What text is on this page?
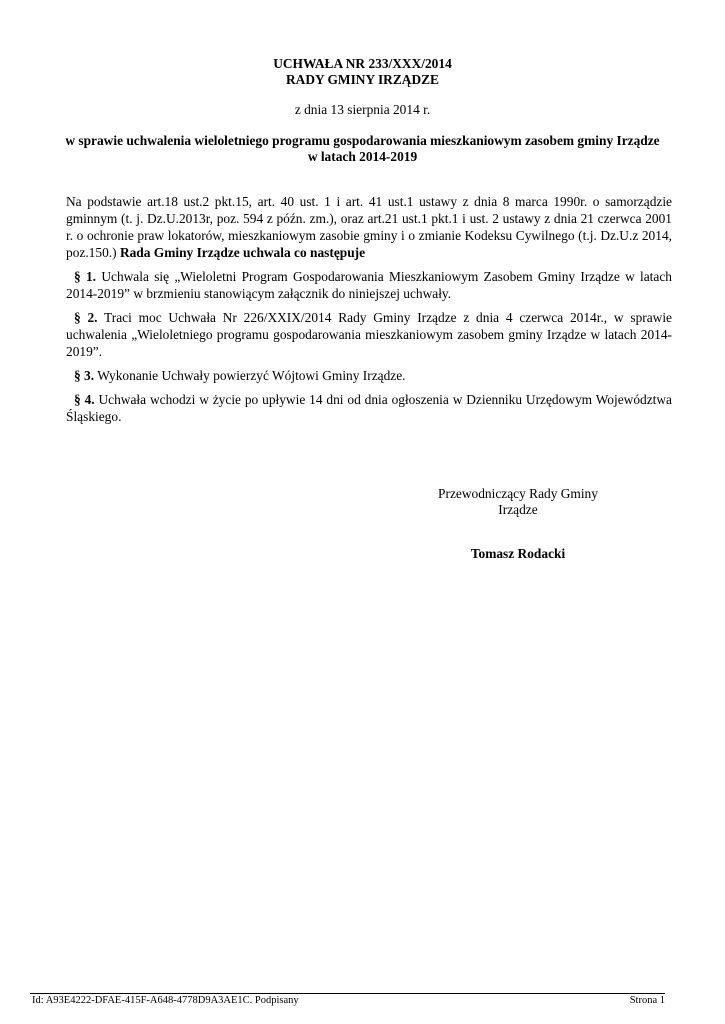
UCHWAŁA NR 233/XXX/2014
RADY GMINY IRZĄDZE
z dnia 13 sierpnia 2014 r.
w sprawie uchwalenia wieloletniego programu gospodarowania mieszkaniowym zasobem gminy Irządze
w latach 2014-2019

Na podstawie art.18 ust.2 pkt.15, art. 40 ust. 1 i art. 41 ust.1 ustawy z dnia 8 marca 1990r. o samorządzie gminnym (t. j. Dz.U.2013r, poz. 594 z późn. zm.), oraz art.21 ust.1 pkt.1 i ust. 2 ustawy z dnia 21 czerwca 2001 r. o ochronie praw lokatorów, mieszkaniowym zasobie gminy i o zmianie Kodeksu Cywilnego (t.j. Dz.U.z 2014, poz.150.) Rada Gminy Irządze uchwala co następuje

§ 1. Uchwala się „Wieloletni Program Gospodarowania Mieszkaniowym Zasobem Gminy Irządze w latach 2014-2019” w brzmieniu stanowiącym załącznik do niniejszej uchwały.

§ 2. Traci moc Uchwała Nr 226/XXIX/2014 Rady Gminy Irządze z dnia 4 czerwca 2014r., w sprawie uchwalenia „Wieloletniego programu gospodarowania mieszkaniowym zasobem gminy Irządze w latach 2014-2019”.

§ 3. Wykonanie Uchwały powierzyć Wójtowi Gminy Irządze.

§ 4. Uchwała wchodzi w życie po upływie 14 dni od dnia ogłoszenia w Dzienniku Urzędowym Województwa Śląskiego.

Przewodniczący Rady Gminy
Irządze
Tomasz Rodacki
Id: A93E4222-DFAE-415F-A648-4778D9A3AE1C. Podpisany	Strona 1
